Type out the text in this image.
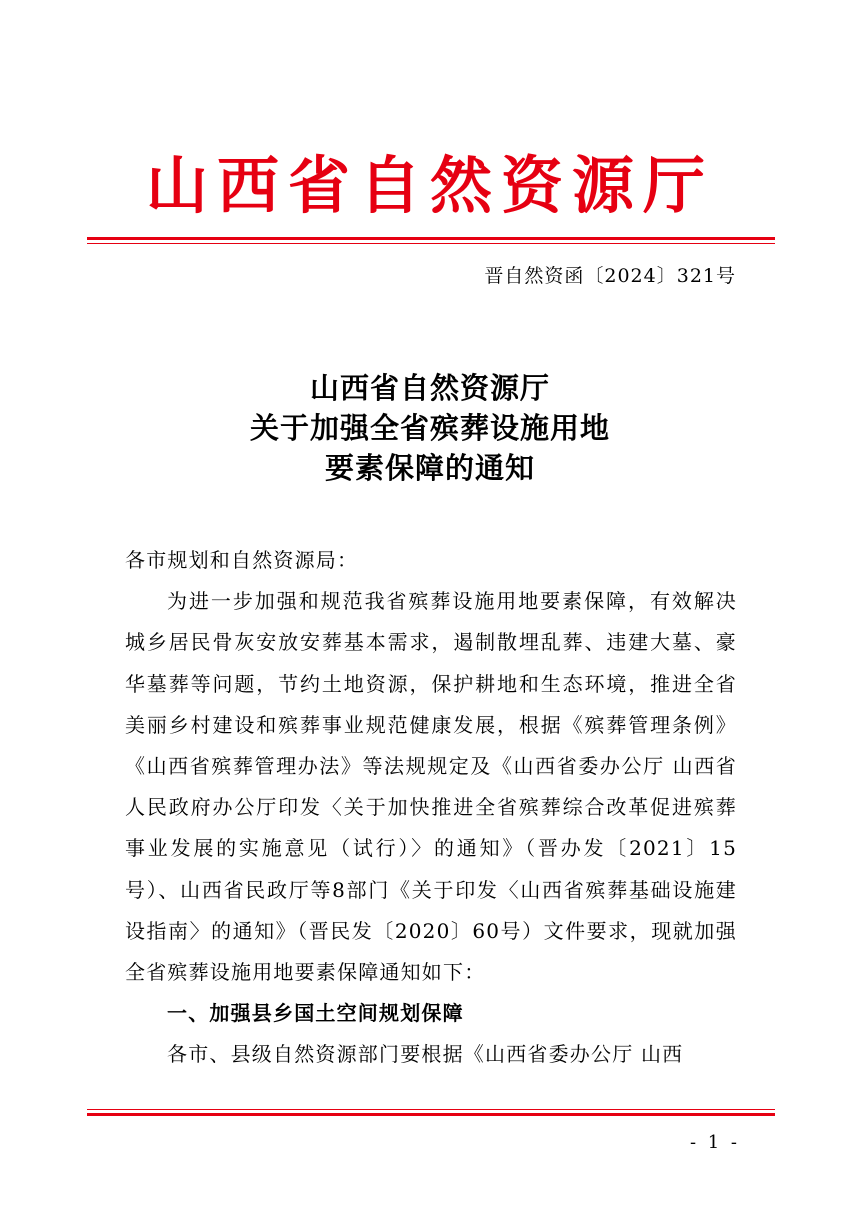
山西省自然资源厅
晋自然资函〔2024〕321号
山西省自然资源厅
关于加强全省殡葬设施用地
要素保障的通知

各市规划和自然资源局：

为进一步加强和规范我省殡葬设施用地要素保障，有效解决城乡居民骨灰安放安葬基本需求，遏制散埋乱葬、违建大墓、豪华墓葬等问题，节约土地资源，保护耕地和生态环境，推进全省美丽乡村建设和殡葬事业规范健康发展，根据《殡葬管理条例》《山西省殡葬管理办法》等法规规定及《山西省委办公厅 山西省人民政府办公厅印发〈关于加快推进全省殡葬综合改革促进殡葬事业发展的实施意见（试行）〉的通知》（晋办发〔2021〕15号）、山西省民政厅等8部门《关于印发〈山西省殡葬基础设施建设指南〉的通知》（晋民发〔2020〕60号）文件要求，现就加强全省殡葬设施用地要素保障通知如下：

一、加强县乡国土空间规划保障

各市、县级自然资源部门要根据《山西省委办公厅 山西

- 1 -
